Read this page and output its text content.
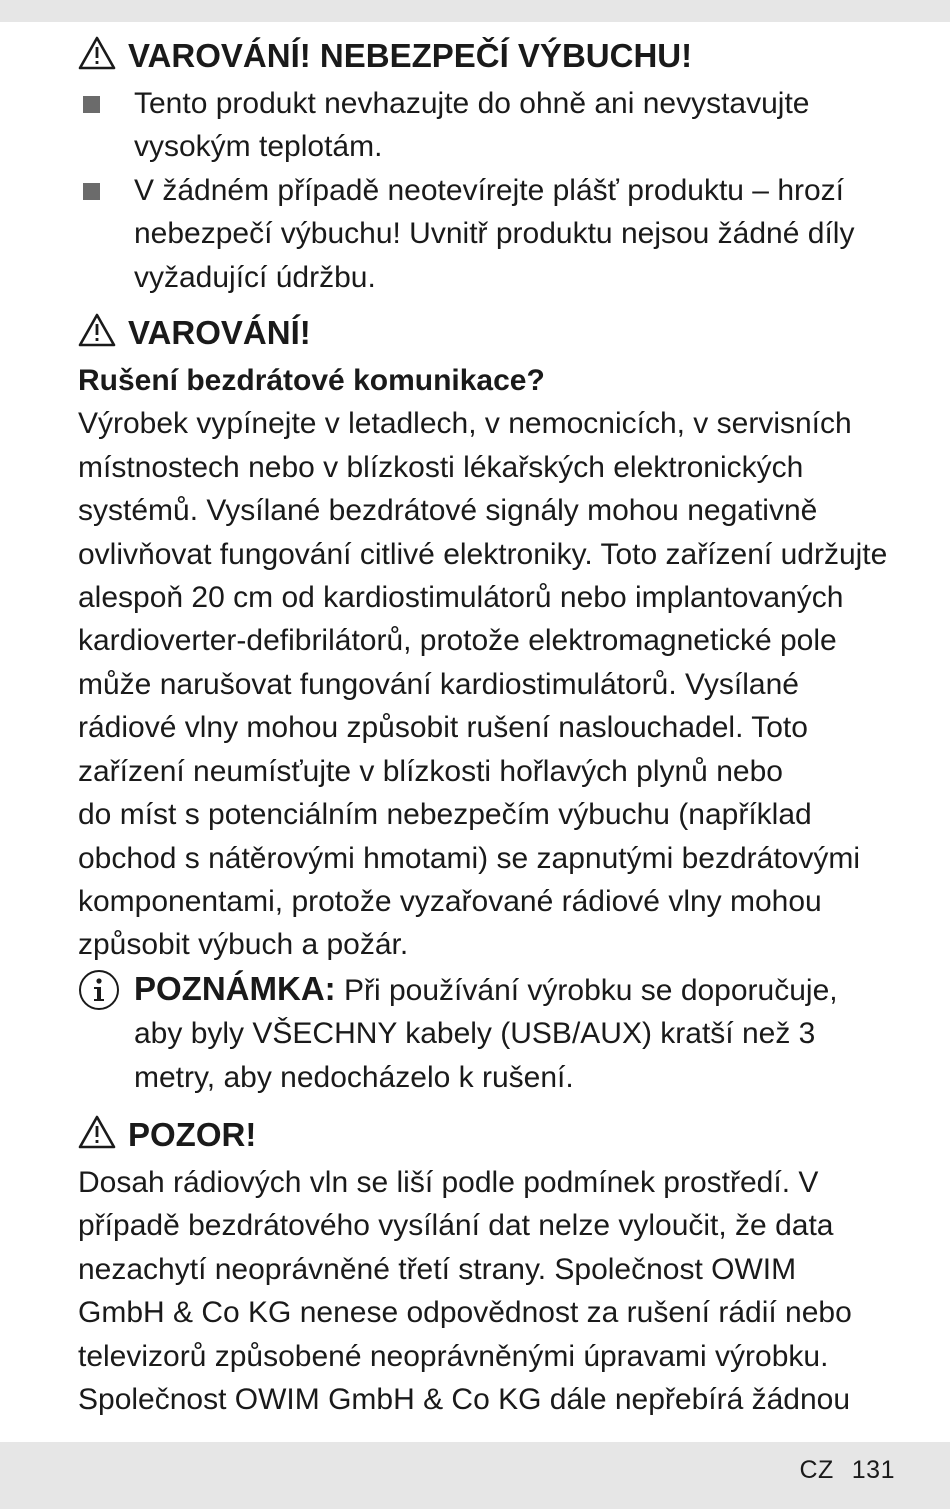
VAROVÁNÍ! NEBEZPEČÍ VÝBUCHU!
Tento produkt nevhazujte do ohně ani nevystavujte
vysokým teplotám.
V žádném případě neotevírejte plášť produktu – hrozí
nebezpečí výbuchu! Uvnitř produktu nejsou žádné díly
vyžadující údržbu.
VAROVÁNÍ!
Rušení bezdrátové komunikace?
Výrobek vypínejte v letadlech, v nemocnicích, v servisních
místnostech nebo v blízkosti lékařských elektronických
systémů. Vysílané bezdrátové signály mohou negativně
ovlivňovat fungování citlivé elektroniky. Toto zařízení udržujte
alespoň 20 cm od kardiostimulátorů nebo implantovaných
kardioverter-defibrilátorů, protože elektromagnetické pole
může narušovat fungování kardiostimulátorů. Vysílané
rádiové vlny mohou způsobit rušení naslouchadel. Toto
zařízení neumísťujte v blízkosti hořlavých plynů nebo
do míst s potenciálním nebezpečím výbuchu (například
obchod s nátěrovými hmotami) se zapnutými bezdrátovými
komponentami, protože vyzařované rádiové vlny mohou
způsobit výbuch a požár.
POZNÁMKA: Při používání výrobku se doporučuje,
aby byly VŠECHNY kabely (USB/AUX) kratší než 3
metry, aby nedocházelo k rušení.
POZOR!
Dosah rádiových vln se liší podle podmínek prostředí. V
případě bezdrátového vysílání dat nelze vyloučit, že data
nezachytí neoprávněné třetí strany. Společnost OWIM
GmbH & Co KG nenese odpovědnost za rušení rádií nebo
televizorů způsobené neoprávněnými úpravami výrobku.
Společnost OWIM GmbH & Co KG dále nepřebírá žádnou
CZ 131
